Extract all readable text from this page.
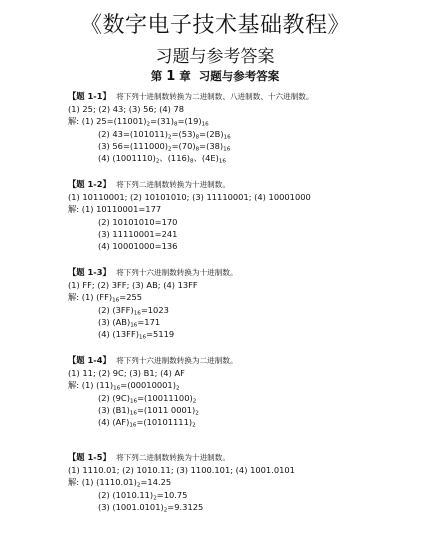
《数字电子技术基础教程》
习题与参考答案
第 1 章 习题与参考答案
【题 1-1】 将下列十进制数转换为二进制数、八进制数、十六进制数。
(1) 25; (2) 43; (3) 56; (4) 78
解: (1) $25=(11001)_2=(31)_8=(19)_{16}$
(2) $43=(101011)_2=(53)_8=(2B)_{16}$
(3) $56=(111000)_2=(70)_8=(38)_{16}$
(4) $(1001110)_2$、$(116)_8$、$(4E)_{16}$
【题 1-2】 将下列二进制数转换为十进制数。
(1) 10110001; (2) 10101010; (3) 11110001; (4) 10001000
解: (1) 10110001=177
(2) 10101010=170
(3) 11110001=241
(4) 10001000=136
【题 1-3】 将下列十六进制数转换为十进制数。
(1) FF; (2) 3FF; (3) AB; (4) 13FF
解: (1) $(FF)_{16}=255$
(2) $(3FF)_{16}=1023$
(3) $(AB)_{16}=171$
(4) $(13FF)_{16}=5119$
【题 1-4】 将下列十六进制数转换为二进制数。
(1) 11; (2) 9C; (3) B1; (4) AF
解: (1) $(11)_{16}=(00010001)_2$
(2) $(9C)_{16}=(10011100)_2$
(3) $(B1)_{16}=(1011$ $0001)_2$
(4) $(AF)_{16}=(10101111)_2$
【题 1-5】 将下列二进制数转换为十进制数。
(1) 1110.01; (2) 1010.11; (3) 1100.101; (4) 1001.0101
解: (1) $(1110.01)_2=14.25$
(2) $(1010.11)_2=10.75$
(3) $(1001.0101)_2=9.3125$
